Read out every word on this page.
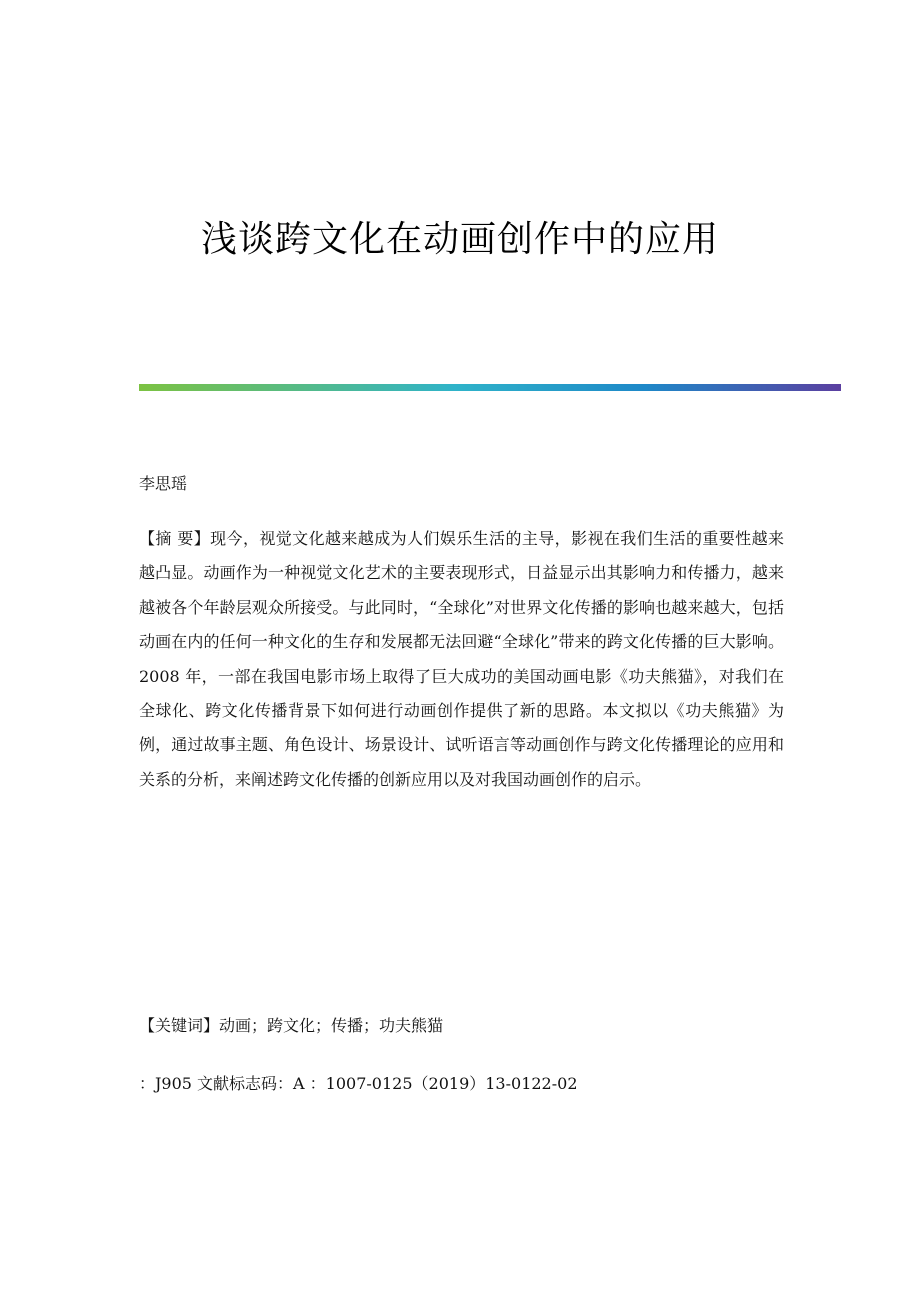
浅谈跨文化在动画创作中的应用
李思瑶
【摘 要】现今，视觉文化越来越成为人们娱乐生活的主导，影视在我们生活的重要性越来越凸显。动画作为一种视觉文化艺术的主要表现形式，日益显示出其影响力和传播力，越来越被各个年龄层观众所接受。与此同时，“全球化”对世界文化传播的影响也越来越大，包括动画在内的任何一种文化的生存和发展都无法回避“全球化”带来的跨文化传播的巨大影响。2008 年，一部在我国电影市场上取得了巨大成功的美国动画电影《功夫熊猫》，对我们在全球化、跨文化传播背景下如何进行动画创作提供了新的思路。本文拟以《功夫熊猫》为例，通过故事主题、角色设计、场景设计、试听语言等动画创作与跨文化传播理论的应用和关系的分析，来阐述跨文化传播的创新应用以及对我国动画创作的启示。
【关键词】动画；跨文化；传播；功夫熊猫
：J905 文献标志码：A ：1007-0125（2019）13-0122-02
